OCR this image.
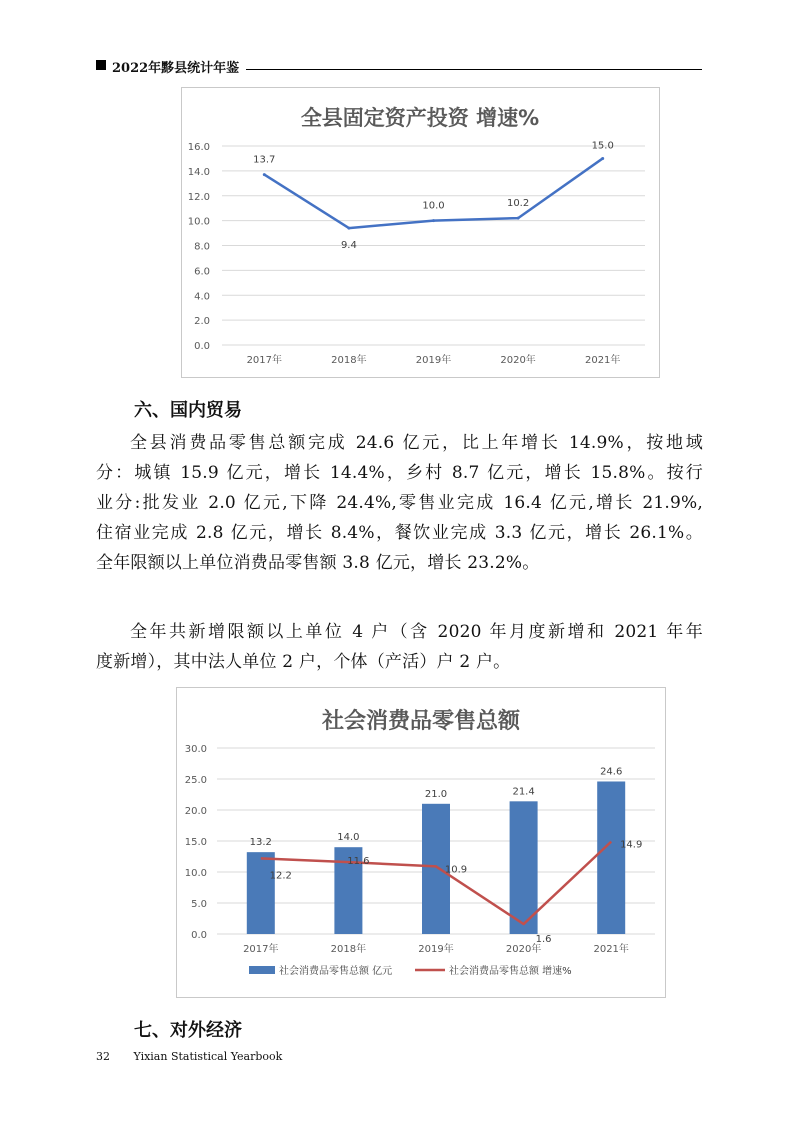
2022年黟县统计年鉴
全县固定资产投资 增速%
0.0
2.0
4.0
6.0
8.0
10.0
12.0
14.0
16.0
2017年	2018年	2019年	2020年	2021年
13.7
9.4
10.0	10.2
15.0
六、国内贸易
全县消费品零售总额完成 24.6 亿元，比上年增长 14.9%，按地域
分：城镇 15.9 亿元，增长 14.4%，乡村 8.7 亿元，增长 15.8%。按行
业分:批发业 2.0 亿元,下降 24.4%,零售业完成 16.4 亿元,增长 21.9%,
住宿业完成 2.8 亿元，增长 8.4%，餐饮业完成 3.3 亿元，增长 26.1%。
全年限额以上单位消费品零售额 3.8 亿元，增长 23.2%。
全年共新增限额以上单位 4 户（含 2020 年月度新增和 2021 年年
度新增），其中法人单位 2 户，个体（产活）户 2 户。
社会消费品零售总额
0.0
5.0
10.0
15.0
20.0
25.0
30.0
2017年	2018年	2019年	2020年	2021年
13.2	14.0
21.0	21.4
24.6
12.2
11.6
10.9
1.6
14.9
社会消费品零售总额 亿元	社会消费品零售总额 增速%
七、对外经济
32 Yixian Statistical Yearbook
